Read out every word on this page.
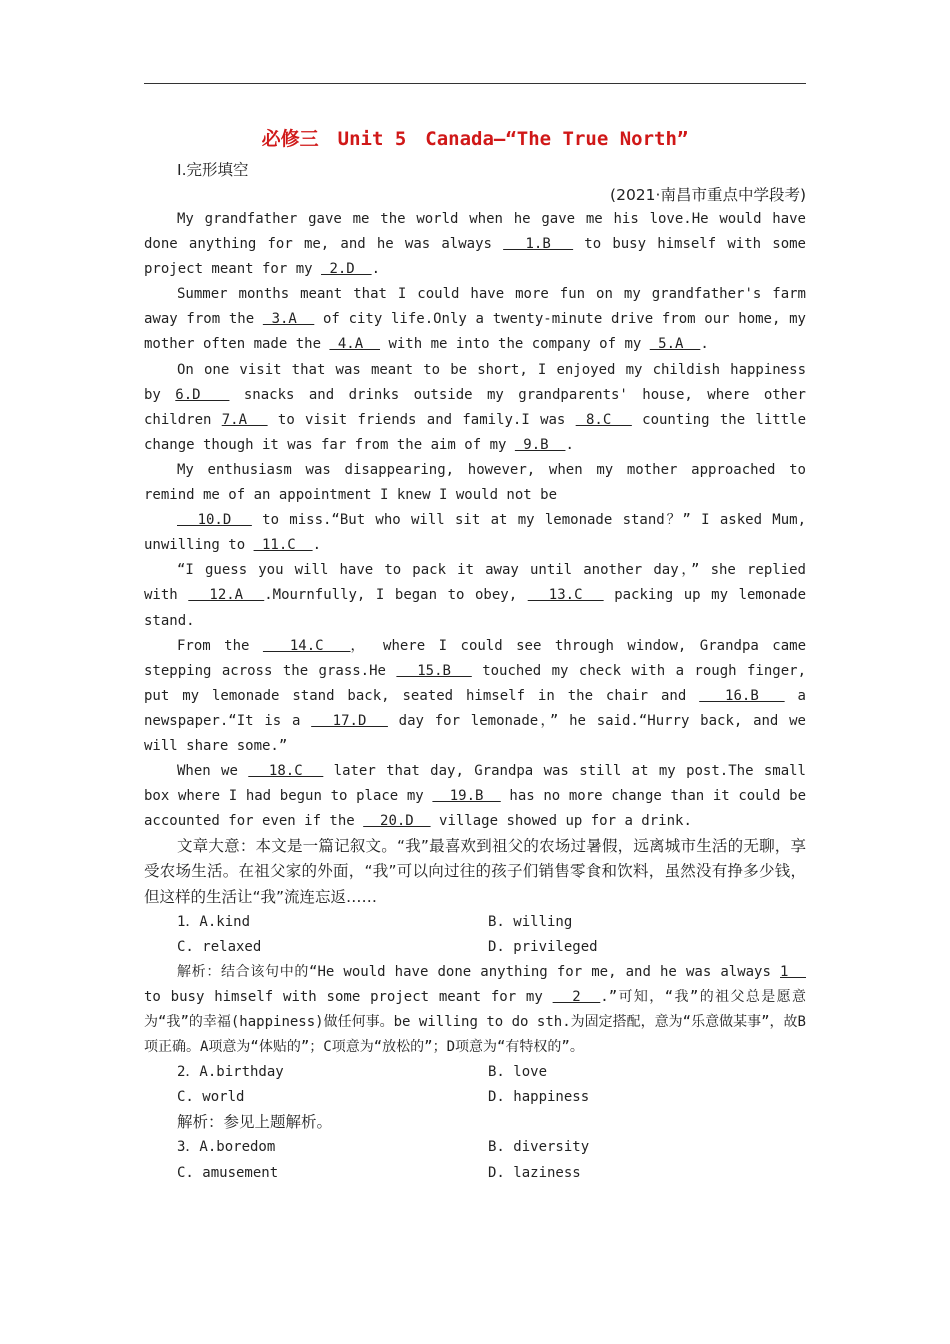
必修三　Unit 5　Canada—“The True North”
Ⅰ.完形填空
(2021·南昌市重点中学段考)

My grandfather gave me the world when he gave me his love.He would have done anything for me, and he was always   1.B   to busy himself with some project meant for my  2.D  .

Summer months meant that I could have more fun on my grandfather's farm away from the  3.A   of city life.Only a twenty-minute drive from our home, my mother often made the  4.A   with me into the company of my  5.A  .

On one visit that was meant to be short, I enjoyed my childish happiness by 6.D   snacks and drinks outside my grandparents' house, where other children 7.A   to visit friends and family.I was  8.C   counting the little change though it was far from the aim of my  9.B  .

My enthusiasm was disappearing, however, when my mother approached to remind me of an appointment I knew I would not be

10.D   to miss.“But who will sit at my lemonade stand？” I asked Mum, unwilling to  11.C  .

“I guess you will have to pack it away until another day，” she replied with   12.A  .Mournfully, I began to obey,   13.C   packing up my lemonade stand.

From the   14.C  ， where I could see through window, Grandpa came stepping across the grass.He   15.B   touched my check with a rough finger, put my lemonade stand back, seated himself in the chair and   16.B   a newspaper.“It is a   17.D   day for lemonade，” he said.“Hurry back, and we will share some.”

When we   18.C   later that day, Grandpa was still at my post.The small box where I had begun to place my   19.B   has no more change than it could be accounted for even if the   20.D   village showed up for a drink.

文章大意：本文是一篇记叙文。“我”最喜欢到祖父的农场过暑假，远离城市生活的无聊，享受农场生活。在祖父家的外面，“我”可以向过往的孩子们销售零食和饮料，虽然没有挣多少钱，但这样的生活让“我”流连忘返……

1．A.kind	B. willing
C. relaxed	D. privileged

解析：结合该句中的“He would have done anything for me, and he was always 1   to busy himself with some project meant for my   2  .”可知，“我”的祖父总是愿意为“我”的幸福(happiness)做任何事。be willing to do sth.为固定搭配，意为“乐意做某事”，故B项正确。A项意为“体贴的”；C项意为“放松的”；D项意为“有特权的”。

2．A.birthday	B. love
C. world	D. happiness

解析：参见上题解析。

3．A.boredom	B. diversity
C. amusement	D. laziness
